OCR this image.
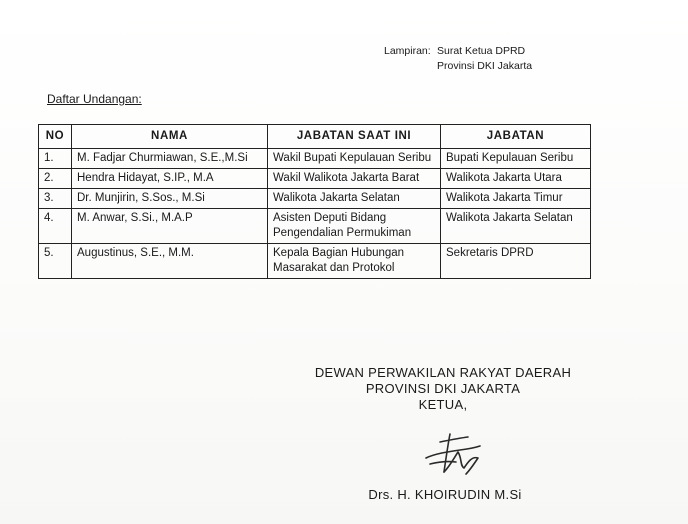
Lampiran: Surat Ketua DPRD
Provinsi DKI Jakarta
Daftar Undangan:
NO	NAMA	JABATAN SAAT INI	JABATAN
1.	M. Fadjar Churmiawan, S.E.,M.Si	Wakil Bupati Kepulauan Seribu	Bupati Kepulauan Seribu
2.	Hendra Hidayat, S.IP., M.A	Wakil Walikota Jakarta Barat	Walikota Jakarta Utara
3.	Dr. Munjirin, S.Sos., M.Si	Walikota Jakarta Selatan	Walikota Jakarta Timur
4.	M. Anwar, S.Si., M.A.P	Asisten Deputi Bidang Pengendalian Permukiman	Walikota Jakarta Selatan
5.	Augustinus, S.E., M.M.	Kepala Bagian Hubungan Masarakat dan Protokol	Sekretaris DPRD
DEWAN PERWAKILAN RAKYAT DAERAH
PROVINSI DKI JAKARTA
KETUA,
Drs. H. KHOIRUDIN M.Si
